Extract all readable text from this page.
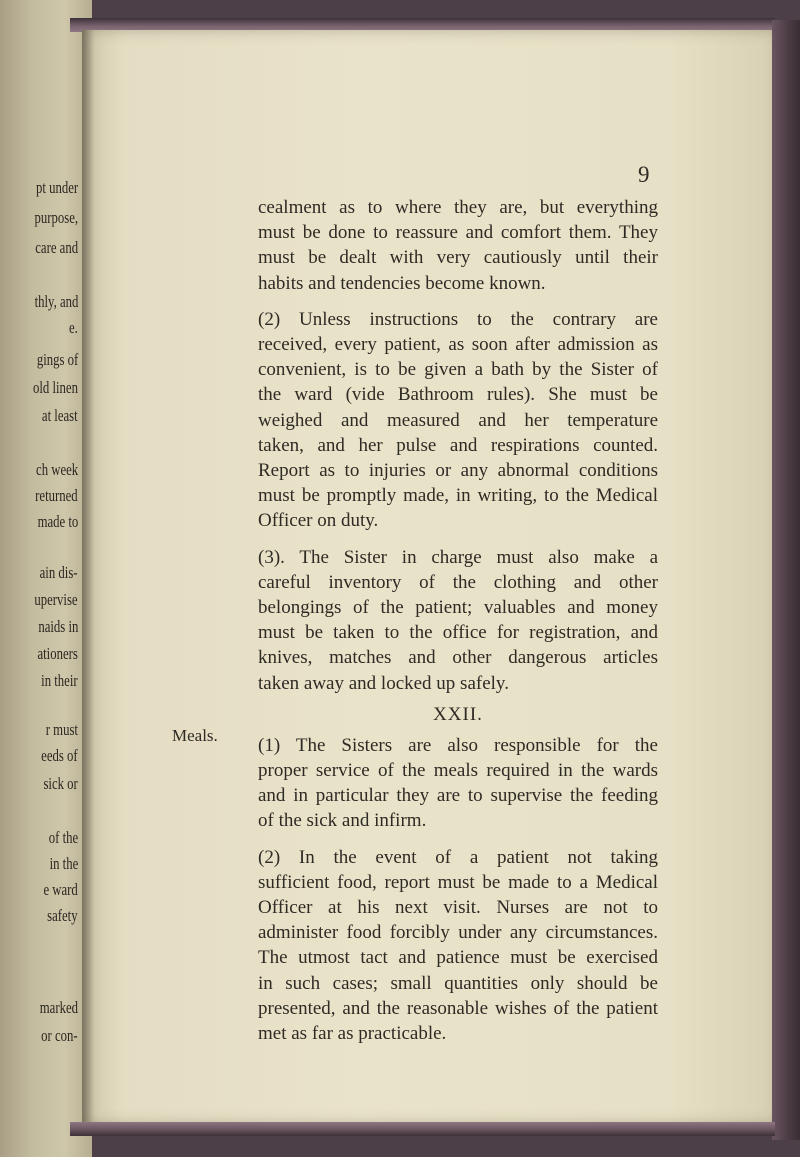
pt under

purpose,

care and

thly, and

e.

gings of

old linen

at least

ch week

returned

made to

ain dis-

upervise

naids in

ationers

in their

r must

eeds of

sick or

of the

in the

e ward

safety

marked

or con-

9

Meals.

cealment as to where they are, but everything
must be done to reassure and comfort them. They
must be dealt with very cautiously until their
habits and tendencies become known.
(2) Unless instructions to the contrary are
received, every patient, as soon after admission as
convenient, is to be given a bath by the Sister of
the ward (vide Bathroom rules). She must be
weighed and measured and her temperature
taken, and her pulse and respirations counted.
Report as to injuries or any abnormal conditions
must be promptly made, in writing, to the Medical
Officer on duty.
(3). The Sister in charge must also make a
careful inventory of the clothing and other
belongings of the patient; valuables and money
must be taken to the office for registration, and
knives, matches and other dangerous articles
taken away and locked up safely.
XXII.
(1) The Sisters are also responsible for the
proper service of the meals required in the wards
and in particular they are to supervise the feeding
of the sick and infirm.
(2) In the event of a patient not taking
sufficient food, report must be made to a Medical
Officer at his next visit. Nurses are not to
administer food forcibly under any circumstances.
The utmost tact and patience must be exercised
in such cases; small quantities only should be
presented, and the reasonable wishes of the patient
met as far as practicable.
